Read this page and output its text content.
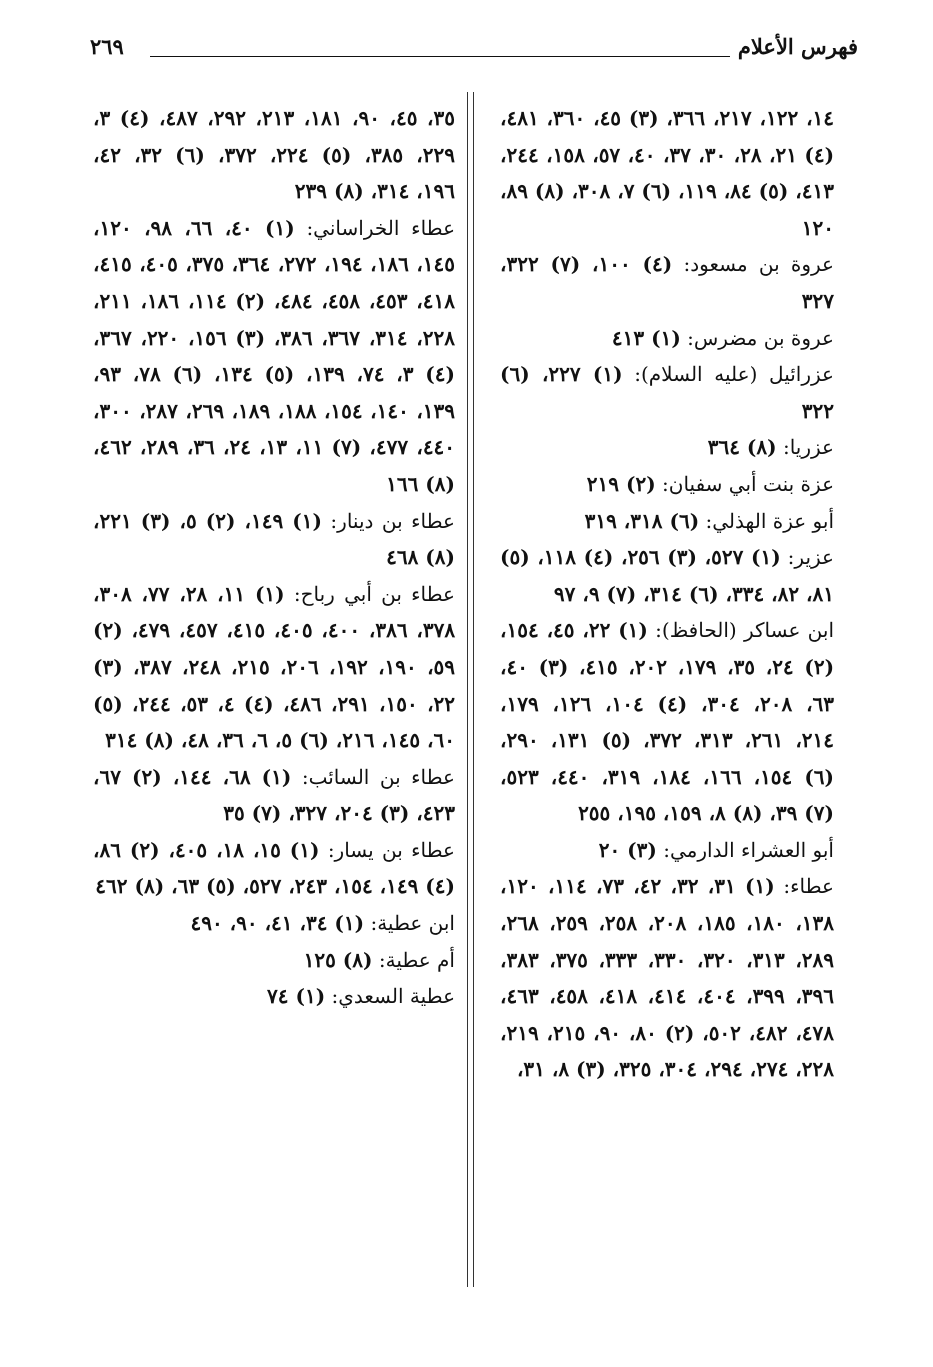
فهرس الأعلام
٢٦٩

١٤، ١٢٢، ٢١٧، ٣٦٦، (٣) ٤٥، ٣٦٠، ٤٨١، (٤) ٢١، ٢٨، ٣٠، ٣٧، ٤٠، ٥٧، ١٥٨، ٢٤٤، ٤١٣، (٥) ٨٤، ١١٩، (٦) ٧، ٣٠٨، (٨) ٨٩، ١٢٠

عروة بن مسعود: (٤) ١٠٠، (٧) ٣٢٢، ٣٢٧

عروة بن مضرس: (١) ٤١٣

عزرائيل (عليه السلام): (١) ٢٢٧، (٦) ٣٢٢

عزريا: (٨) ٣٦٤

عزة بنت أبي سفيان: (٢) ٢١٩

أبو عزة الهذلي: (٦) ٣١٨، ٣١٩

عزير: (١) ٥٢٧، (٣) ٢٥٦، (٤) ١١٨، (٥) ٨١، ٨٢، ٣٣٤، (٦) ٣١٤، (٧) ٩، ٩٧

ابن عساكر (الحافظ): (١) ٢٢، ٤٥، ١٥٤، (٢) ٢٤، ٣٥، ١٧٩، ٢٠٢، ٤١٥، (٣) ٤٠، ٦٣، ٢٠٨، ٣٠٤، (٤) ١٠٤، ١٢٦، ١٧٩، ٢١٤، ٢٦١، ٣١٣، ٣٧٢، (٥) ١٣١، ٢٩٠، (٦) ١٥٤، ١٦٦، ١٨٤، ٣١٩، ٤٤٠، ٥٢٣، (٧) ٣٩، (٨) ٨، ١٥٩، ١٩٥، ٢٥٥

أبو العشراء الدارمي: (٣) ٢٠

عطاء: (١) ٣١، ٣٢، ٤٢، ٧٣، ١١٤، ١٢٠، ١٣٨، ١٨٠، ١٨٥، ٢٠٨، ٢٥٨، ٢٥٩، ٢٦٨، ٢٨٩، ٣١٣، ٣٢٠، ٣٣٠، ٣٣٣، ٣٧٥، ٣٨٣، ٣٩٦، ٣٩٩، ٤٠٤، ٤١٤، ٤١٨، ٤٥٨، ٤٦٣، ٤٧٨، ٤٨٢، ٥٠٢، (٢) ٨٠، ٩٠، ٢١٥، ٢١٩، ٢٢٨، ٢٧٤، ٢٩٤، ٣٠٤، ٣٢٥، (٣) ٨، ٣١،

٣٥، ٤٥، ٩٠، ١٨١، ٢١٣، ٢٩٢، ٤٨٧، (٤) ٣، ٢٢٩، ٣٨٥، (٥) ٢٢٤، ٣٧٢، (٦) ٣٢، ٤٢، ١٩٦، ٣١٤، (٨) ٢٣٩

عطاء الخراساني: (١) ٤٠، ٦٦، ٩٨، ١٢٠، ١٤٥، ١٨٦، ١٩٤، ٢٧٢، ٣٦٤، ٣٧٥، ٤٠٥، ٤١٥، ٤١٨، ٤٥٣، ٤٥٨، ٤٨٤، (٢) ١١٤، ١٨٦، ٢١١، ٢٢٨، ٣١٤، ٣٦٧، ٣٨٦، (٣) ١٥٦، ٢٢٠، ٣٦٧، (٤) ٣، ٧٤، ١٣٩، (٥) ١٣٤، (٦) ٧٨، ٩٣، ١٣٩، ١٤٠، ١٥٤، ١٨٨، ١٨٩، ٢٦٩، ٢٨٧، ٣٠٠، ٤٤٠، ٤٧٧، (٧) ١١، ١٣، ٢٤، ٣٦، ٢٨٩، ٤٦٢، (٨) ١٦٦

عطاء بن دينار: (١) ١٤٩، (٢) ٥، (٣) ٢٢١، (٨) ٤٦٨

عطاء بن أبي رباح: (١) ١١، ٢٨، ٧٧، ٣٠٨، ٣٧٨، ٣٨٦، ٤٠٠، ٤٠٥، ٤١٥، ٤٥٧، ٤٧٩، (٢) ٥٩، ١٩٠، ١٩٢، ٢٠٦، ٢١٥، ٢٤٨، ٣٨٧، (٣) ٢٢، ١٥٠، ٢٩١، ٤٨٦، (٤) ٤، ٥٣، ٢٤٤، (٥) ٦٠، ١٤٥، ٢١٦، (٦) ٥، ٦، ٣٦، ٤٨، (٨) ٣١٤

عطاء بن السائب: (١) ٦٨، ١٤٤، (٢) ٦٧، ٤٢٣، (٣) ٢٠٤، ٣٢٧، (٧) ٣٥

عطاء بن يسار: (١) ١٥، ١٨، ٤٠٥، (٢) ٨٦، (٤) ١٤٩، ١٥٤، ٢٤٣، ٥٢٧، (٥) ٦٣، (٨) ٤٦٢

ابن عطية: (١) ٣٤، ٤١، ٩٠، ٤٩٠

أم عطية: (٨) ١٢٥

عطية السعدي: (١) ٧٤
